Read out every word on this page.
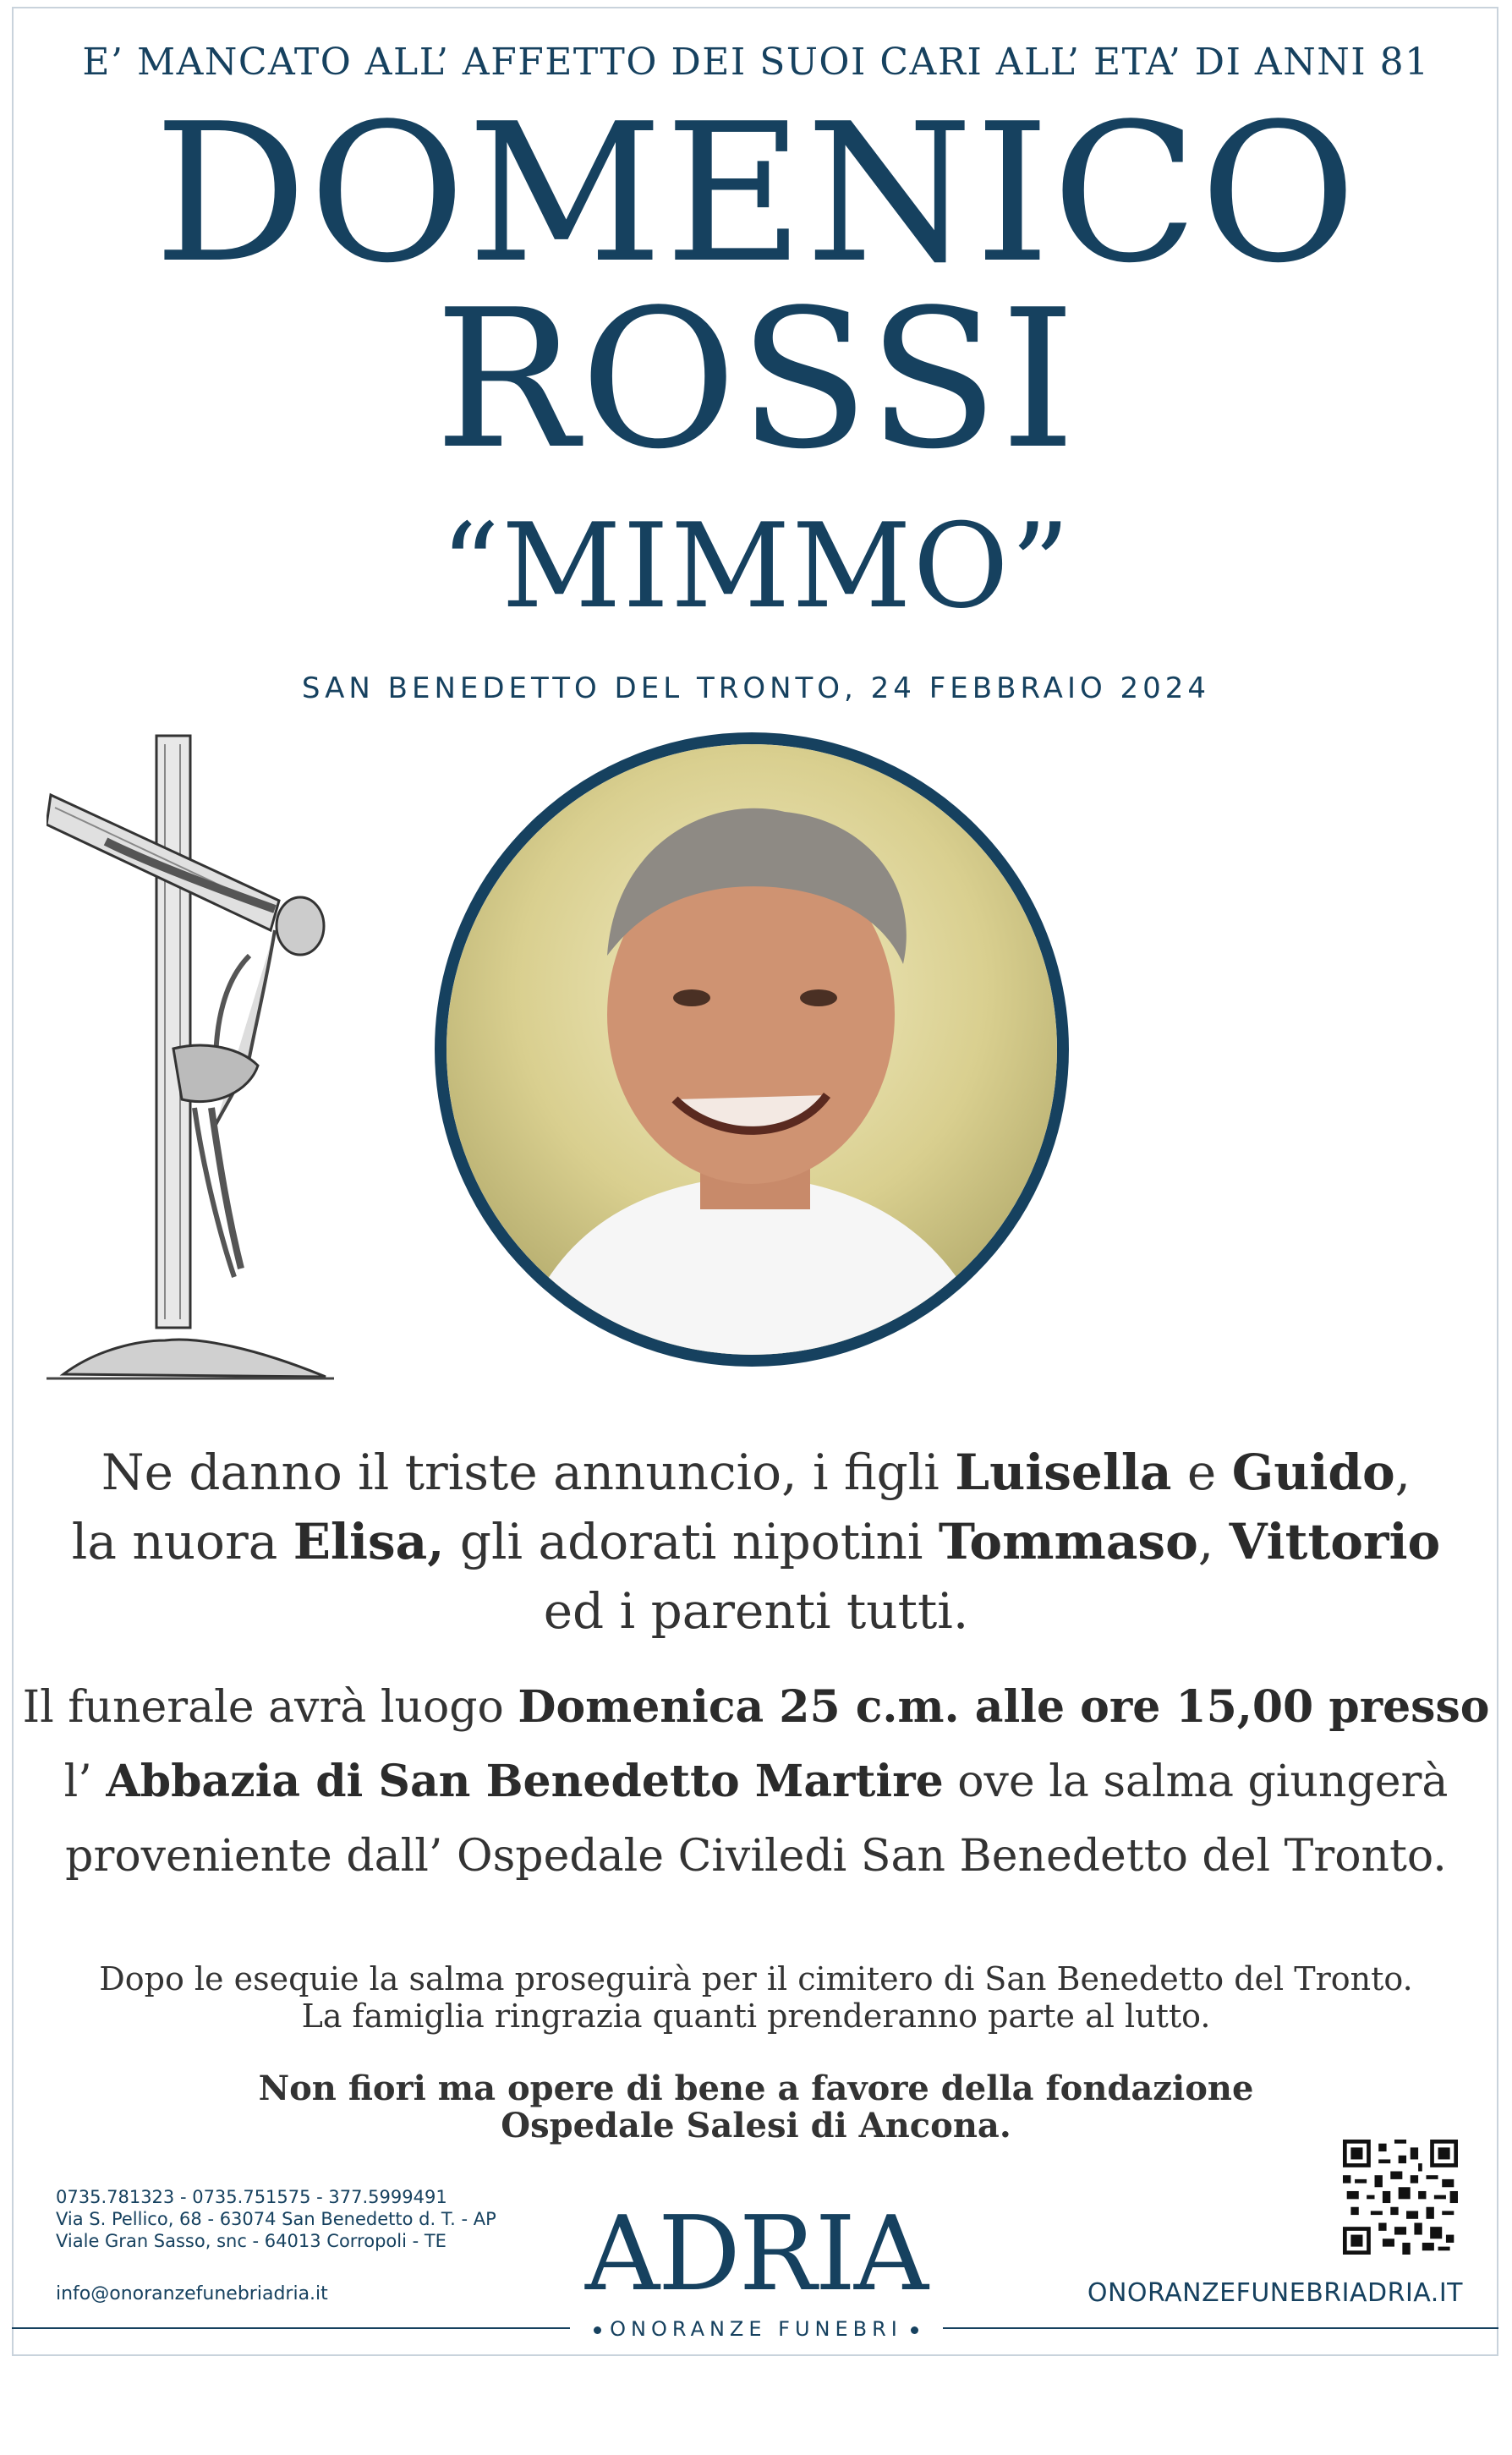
E’ MANCATO ALL’ AFFETTO DEI SUOI CARI ALL’ ETA’ DI ANNI 81
DOMENICO
ROSSI
“MIMMO”
SAN BENEDETTO DEL TRONTO, 24 FEBBRAIO 2024
Ne danno il triste annuncio, i figli Luisella e Guido,
la nuora Elisa, gli adorati nipotini Tommaso, Vittorio
ed i parenti tutti.
Il funerale avrà luogo Domenica 25 c.m. alle ore 15,00 presso
l’ Abbazia di San Benedetto Martire ove la salma giungerà
proveniente dall’ Ospedale Civiledi San Benedetto del Tronto.
Dopo le esequie la salma proseguirà per il cimitero di San Benedetto del Tronto.
La famiglia ringrazia quanti prenderanno parte al lutto.
Non fiori ma opere di bene a favore della fondazione
Ospedale Salesi di Ancona.
0735.781323 - 0735.751575 - 377.5999491
Via S. Pellico, 68 - 63074 San Benedetto d. T. - AP
Viale Gran Sasso, snc - 64013 Corropoli - TE
info@onoranzefunebriadria.it	ADRIA
ONORANZE FUNEBRI
ONORANZEFUNEBRIADRIA.IT
